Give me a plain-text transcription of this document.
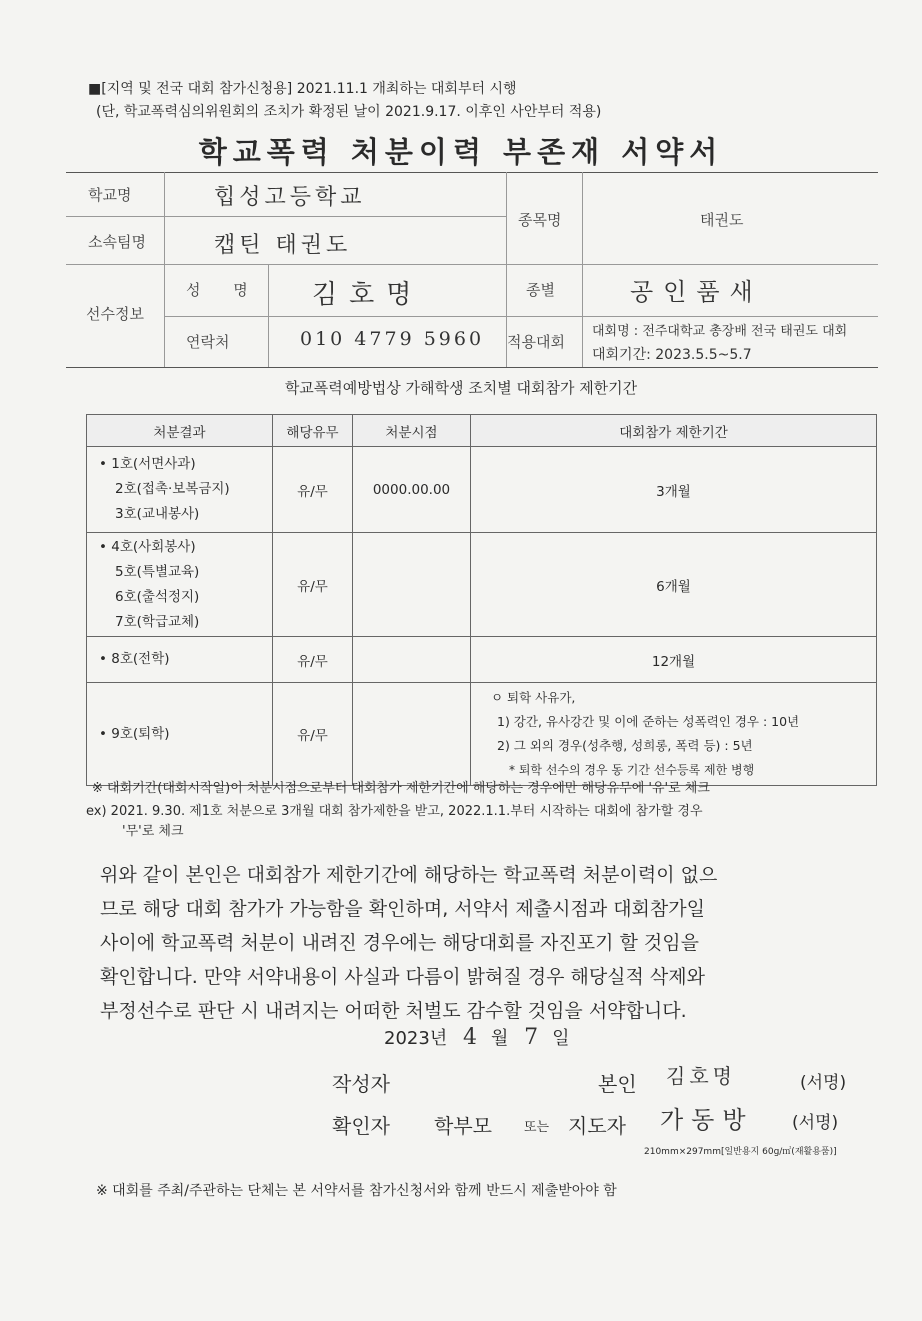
■[지역 및 전국 대회 참가신청용] 2021.11.1 개최하는 대회부터 시행
(단, 학교폭력심의위원회의 조치가 확정된 날이 2021.9.17. 이후인 사안부터 적용)
학교폭력 처분이력 부존재 서약서
학교명	힙성고등학교
소속팀명	캡틴 태권도
종목명	태권도
선수정보
성 명 김호명	종별	공인품새
연락처	010 4779 5960 적용대회
대회명 : 전주대학교 총장배 전국 태권도 대회
대회기간: 2023.5.5~5.7
학교폭력예방법상 가해학생 조치별 대회참가 제한기간
처분결과	해당유무	처분시점	대회참가 제한기간

• 1호(서면사과)
2호(접촉·보복금지)
3호(교내봉사)	유/무	0000.00.00	3개월

• 4호(사회봉사)
5호(특별교육)
6호(출석정지)
7호(학급교체)	유/무		6개월

• 8호(전학)	유/무		12개월

• 9호(퇴학)	유/무		ㅇ 퇴학 사유가,
1) 강간, 유사강간 및 이에 준하는 성폭력인 경우 : 10년
2) 그 외의 경우(성추행, 성희롱, 폭력 등) : 5년
* 퇴학 선수의 경우 동 기간 선수등록 제한 병행
※ 대회기간(대회시작일)이 처분시점으로부터 대회참가 제한기간에 해당하는 경우에만 해당유무에 '유'로 체크
ex) 2021. 9.30. 제1호 처분으로 3개월 대회 참가제한을 받고, 2022.1.1.부터 시작하는 대회에 참가할 경우
'무'로 체크
위와 같이 본인은 대회참가 제한기간에 해당하는 학교폭력 처분이력이 없으
므로 해당 대회 참가가 가능함을 확인하며, 서약서 제출시점과 대회참가일
사이에 학교폭력 처분이 내려진 경우에는 해당대회를 자진포기 할 것임을
확인합니다. 만약 서약내용이 사실과 다름이 밝혀질 경우 해당실적 삭제와
부정선수로 판단 시 내려지는 어떠한 처벌도 감수할 것임을 서약합니다.
2023년 4 월 7 일
작성자	본인 김호명	(서명)
확인자 학부모 또는 지도자 가동방 (서명)
210mm×297mm[일반용지 60g/㎡(재활용품)]
※ 대회를 주최/주관하는 단체는 본 서약서를 참가신청서와 함께 반드시 제출받아야 함
